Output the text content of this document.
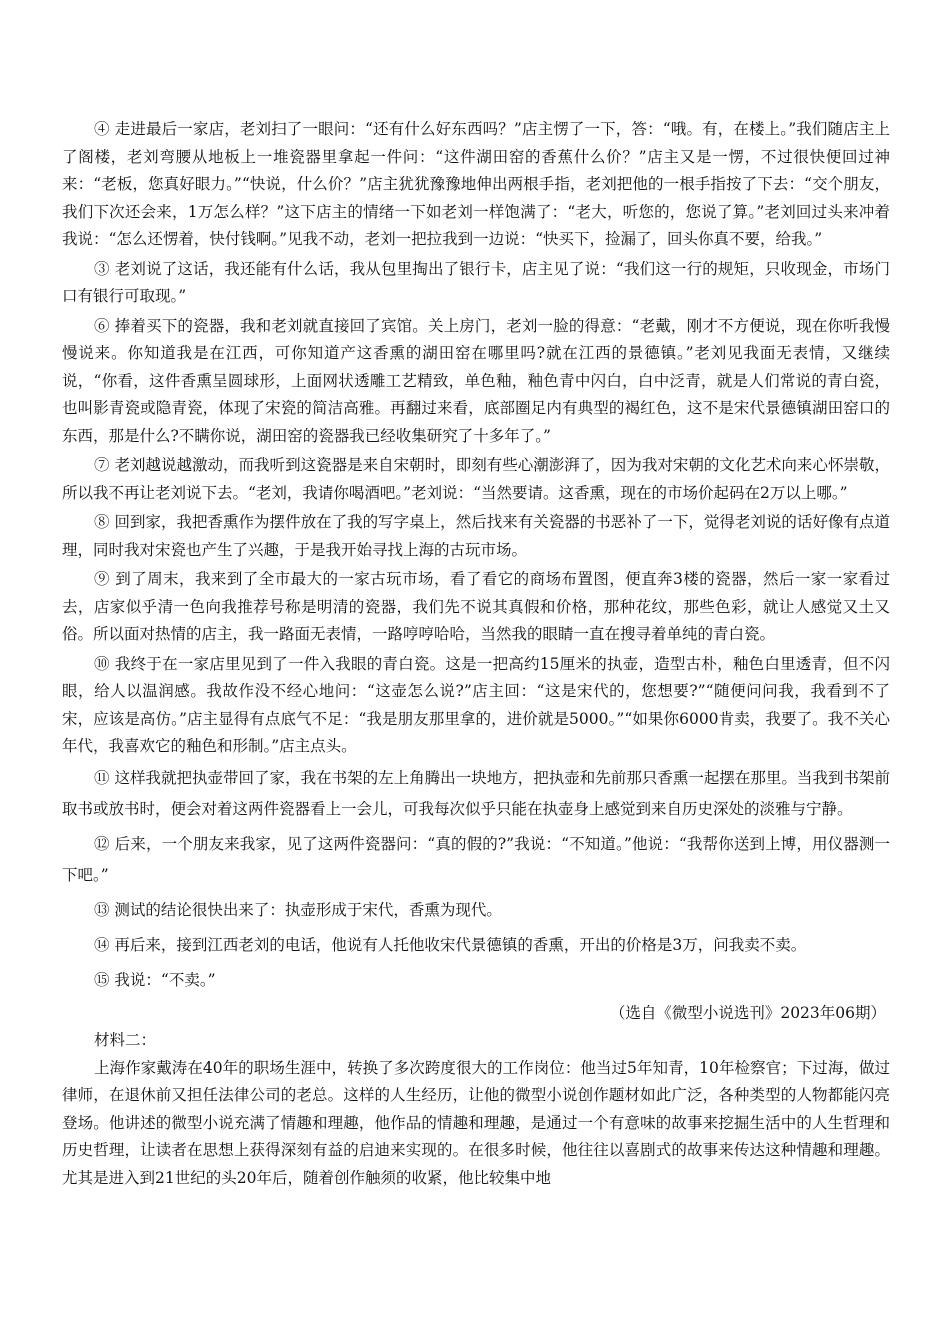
④ 走进最后一家店，老刘扫了一眼问：“还有什么好东西吗？”店主愣了一下，答：“哦。有，在楼上。”我们随店主上了阁楼，老刘弯腰从地板上一堆瓷器里拿起一件问：“这件湖田窑的香蕉什么价？”店主又是一愣，不过很快便回过神来：“老板，您真好眼力。”“快说，什么价？”店主犹犹豫豫地伸出两根手指，老刘把他的一根手指按了下去：“交个朋友，我们下次还会来，1万怎么样？”这下店主的情绪一下如老刘一样饱满了：“老大，听您的，您说了算。”老刘回过头来冲着我说：“怎么还愣着，快付钱啊。”见我不动，老刘一把拉我到一边说：“快买下，捡漏了，回头你真不要，给我。”

③ 老刘说了这话，我还能有什么话，我从包里掏出了银行卡，店主见了说：“我们这一行的规矩，只收现金，市场门口有银行可取现。”

⑥ 捧着买下的瓷器，我和老刘就直接回了宾馆。关上房门，老刘一脸的得意：“老戴，刚才不方便说，现在你听我慢慢说来。你知道我是在江西，可你知道产这香熏的湖田窑在哪里吗?就在江西的景德镇。”老刘见我面无表情，又继续说，“你看，这件香熏呈圆球形，上面网状透雕工艺精致，单色釉，釉色青中闪白，白中泛青，就是人们常说的青白瓷，也叫影青瓷或隐青瓷，体现了宋瓷的简洁高雅。再翻过来看，底部圈足内有典型的褐红色，这不是宋代景德镇湖田窑口的东西，那是什么?不瞒你说，湖田窑的瓷器我已经收集研究了十多年了。”

⑦ 老刘越说越激动，而我听到这瓷器是来自宋朝时，即刻有些心潮澎湃了，因为我对宋朝的文化艺术向来心怀崇敬，所以我不再让老刘说下去。“老刘，我请你喝酒吧。”老刘说：“当然要请。这香熏，现在的市场价起码在2万以上哪。”

⑧ 回到家，我把香熏作为摆件放在了我的写字桌上，然后找来有关瓷器的书恶补了一下，觉得老刘说的话好像有点道理，同时我对宋瓷也产生了兴趣，于是我开始寻找上海的古玩市场。

⑨ 到了周末，我来到了全市最大的一家古玩市场，看了看它的商场布置图，便直奔3楼的瓷器，然后一家一家看过去，店家似乎清一色向我推荐号称是明清的瓷器，我们先不说其真假和价格，那种花纹，那些色彩，就让人感觉又土又俗。所以面对热情的店主，我一路面无表情，一路哼哼哈哈，当然我的眼睛一直在搜寻着单纯的青白瓷。

⑩ 我终于在一家店里见到了一件入我眼的青白瓷。这是一把高约15厘米的执壶，造型古朴，釉色白里透青，但不闪眼，给人以温润感。我故作没不经心地问：“这壶怎么说?”店主回：“这是宋代的，您想要?”“随便问问我，我看到不了宋，应该是高仿。”店主显得有点底气不足：“我是朋友那里拿的，进价就是5000。”“如果你6000肯卖，我要了。我不关心年代，我喜欢它的釉色和形制。”店主点头。

⑪ 这样我就把执壶带回了家，我在书架的左上角腾出一块地方，把执壶和先前那只香熏一起摆在那里。当我到书架前取书或放书时，便会对着这两件瓷器看上一会儿，可我每次似乎只能在执壶身上感觉到来自历史深处的淡雅与宁静。

⑫ 后来，一个朋友来我家，见了这两件瓷器问：“真的假的?”我说：“不知道。”他说：“我帮你送到上博，用仪器测一下吧。”

⑬ 测试的结论很快出来了：执壶形成于宋代，香熏为现代。

⑭ 再后来，接到江西老刘的电话，他说有人托他收宋代景德镇的香熏，开出的价格是3万，问我卖不卖。

⑮ 我说：“不卖。”

（选自《微型小说选刊》2023年06期）

材料二：

上海作家戴涛在40年的职场生涯中，转换了多次跨度很大的工作岗位：他当过5年知青，10年检察官；下过海，做过律师，在退休前又担任法律公司的老总。这样的人生经历，让他的微型小说创作题材如此广泛，各种类型的人物都能闪亮登场。他讲述的微型小说充满了情趣和理趣，他作品的情趣和理趣，是通过一个有意味的故事来挖掘生活中的人生哲理和历史哲理，让读者在思想上获得深刻有益的启迪来实现的。在很多时候，他往往以喜剧式的故事来传达这种情趣和理趣。尤其是进入到21世纪的头20年后，随着创作触须的收紧，他比较集中地
